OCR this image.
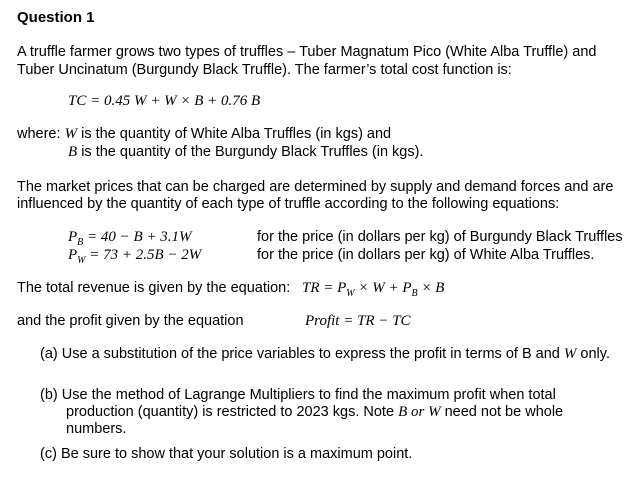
Question 1
A truffle farmer grows two types of truffles – Tuber Magnatum Pico (White Alba Truffle) and
Tuber Uncinatum (Burgundy Black Truffle). The farmer’s total cost function is:
TC = 0.45 W + W × B + 0.76 B
where: W is the quantity of White Alba Truffles (in kgs) and
B is the quantity of the Burgundy Black Truffles (in kgs).
The market prices that can be charged are determined by supply and demand forces and are
influenced by the quantity of each type of truffle according to the following equations:
$P_B = 40 - B + 3.1W$	for the price (in dollars per kg) of Burgundy Black Truffles
$P_W = 73 + 2.5B - 2W$	for the price (in dollars per kg) of White Alba Truffles.
The total revenue is given by the equation: TR = $P_W \times W + P_B \times B$
and the profit given by the equation	Profit = TR − TC
(a) Use a substitution of the price variables to express the profit in terms of B and W only.
(b) Use the method of Lagrange Multipliers to find the maximum profit when total
production (quantity) is restricted to 2023 kgs. Note B or W need not be whole
numbers.
(c) Be sure to show that your solution is a maximum point.
